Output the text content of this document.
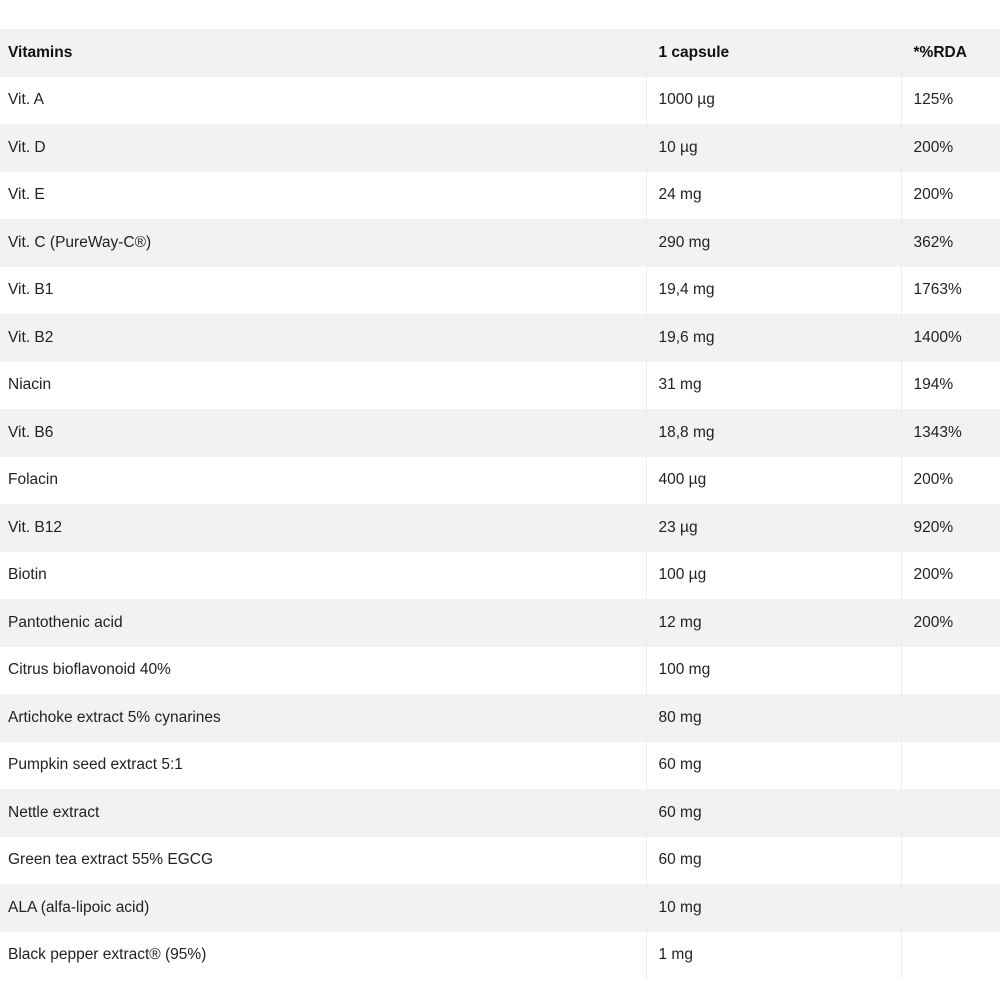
Vitamins	1 capsule	*%RDA
Vit. A	1000 µg	125%
Vit. D	10 µg	200%
Vit. E	24 mg	200%
Vit. C (PureWay-C®)	290 mg	362%
Vit. B1	19,4 mg	1763%
Vit. B2	19,6 mg	1400%
Niacin	31 mg	194%
Vit. B6	18,8 mg	1343%
Folacin	400 µg	200%
Vit. B12	23 µg	920%
Biotin	100 µg	200%
Pantothenic acid	12 mg	200%
Citrus bioflavonoid 40%	100 mg	
Artichoke extract 5% cynarines	80 mg	
Pumpkin seed extract 5:1	60 mg	
Nettle extract	60 mg	
Green tea extract 55% EGCG	60 mg	
ALA (alfa-lipoic acid)	10 mg	
Black pepper extract® (95%)	1 mg	
